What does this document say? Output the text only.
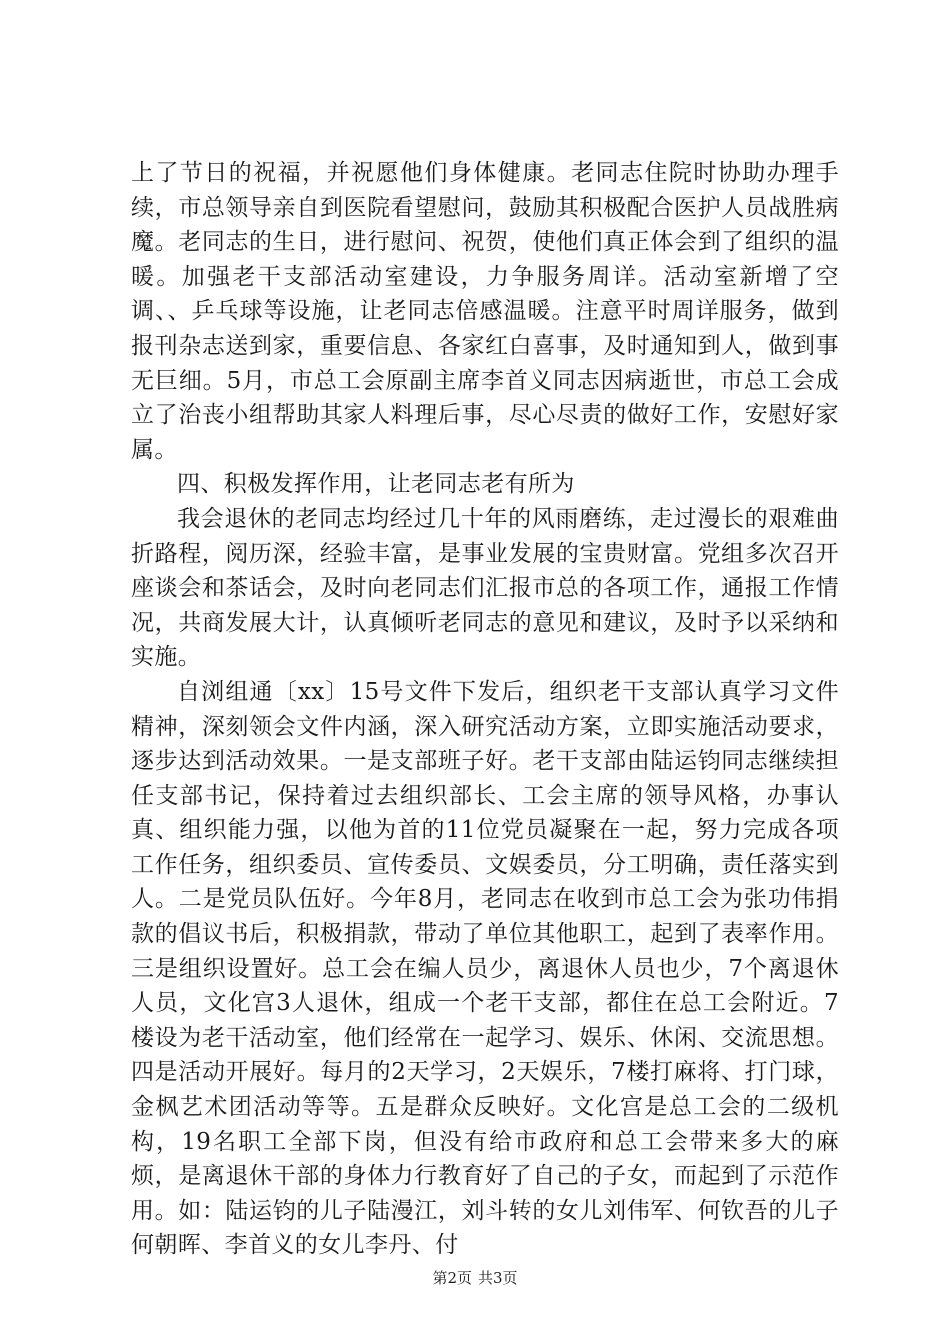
上了节日的祝福，并祝愿他们身体健康。老同志住院时协助办理手续，市总领导亲自到医院看望慰问，鼓励其积极配合医护人员战胜病魔。老同志的生日，进行慰问、祝贺，使他们真正体会到了组织的温暖。加强老干支部活动室建设，力争服务周详。活动室新增了空调、、乒乓球等设施，让老同志倍感温暖。注意平时周详服务，做到报刊杂志送到家，重要信息、各家红白喜事，及时通知到人，做到事无巨细。5月，市总工会原副主席李首义同志因病逝世，市总工会成立了治丧小组帮助其家人料理后事，尽心尽责的做好工作，安慰好家属。

四、积极发挥作用，让老同志老有所为

我会退休的老同志均经过几十年的风雨磨练，走过漫长的艰难曲折路程，阅历深，经验丰富，是事业发展的宝贵财富。党组多次召开座谈会和茶话会，及时向老同志们汇报市总的各项工作，通报工作情况，共商发展大计，认真倾听老同志的意见和建议，及时予以采纳和实施。

自浏组通〔xx〕15号文件下发后，组织老干支部认真学习文件精神，深刻领会文件内涵，深入研究活动方案，立即实施活动要求，逐步达到活动效果。一是支部班子好。老干支部由陆运钧同志继续担任支部书记，保持着过去组织部长、工会主席的领导风格，办事认真、组织能力强，以他为首的11位党员凝聚在一起，努力完成各项工作任务，组织委员、宣传委员、文娱委员，分工明确，责任落实到人。二是党员队伍好。今年8月，老同志在收到市总工会为张功伟捐款的倡议书后，积极捐款，带动了单位其他职工，起到了表率作用。三是组织设置好。总工会在编人员少，离退休人员也少，7个离退休人员，文化宫3人退休，组成一个老干支部，都住在总工会附近。7楼设为老干活动室，他们经常在一起学习、娱乐、休闲、交流思想。四是活动开展好。每月的2天学习，2天娱乐，7楼打麻将、打门球，金枫艺术团活动等等。五是群众反映好。文化宫是总工会的二级机构，19名职工全部下岗，但没有给市政府和总工会带来多大的麻烦，是离退休干部的身体力行教育好了自己的子女，而起到了示范作用。如：陆运钧的儿子陆漫江，刘斗转的女儿刘伟军、何钦吾的儿子何朝晖、李首义的女儿李丹、付

第2页 共3页
